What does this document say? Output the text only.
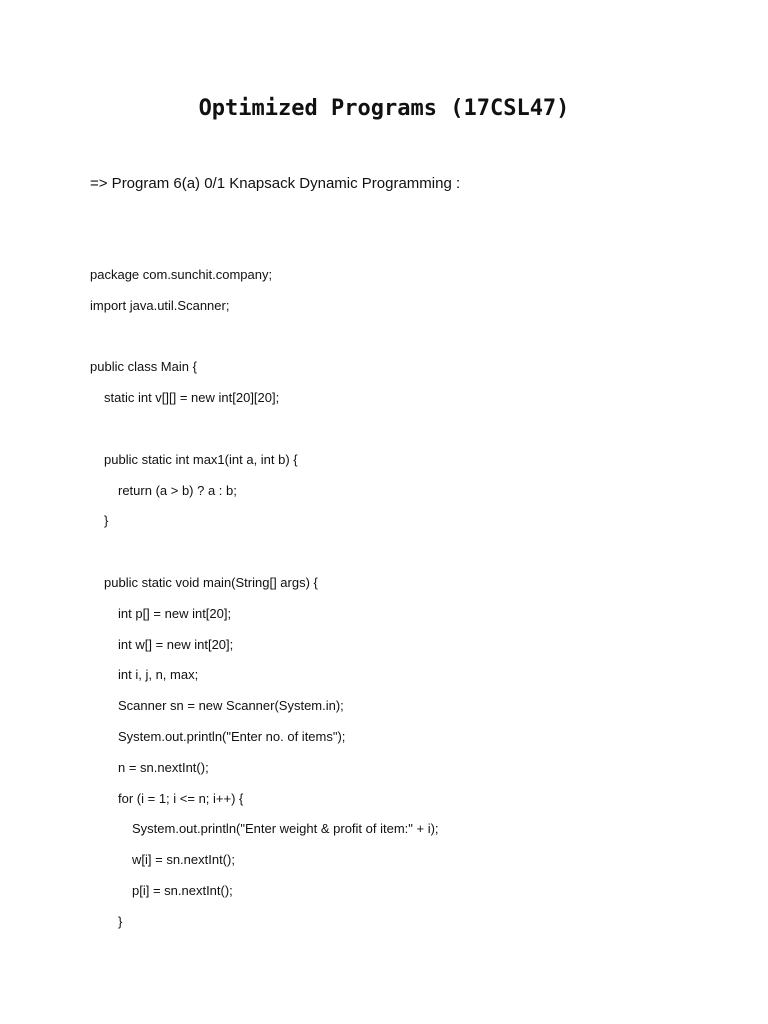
Optimized Programs (17CSL47)
=> Program 6(a) 0/1 Knapsack Dynamic Programming :
package com.sunchit.company;
import java.util.Scanner;
public class Main {
static int v[][] = new int[20][20];
public static int max1(int a, int b) {
return (a > b) ? a : b;
}
public static void main(String[] args) {
int p[] = new int[20];
int w[] = new int[20];
int i, j, n, max;
Scanner sn = new Scanner(System.in);
System.out.println("Enter no. of items");
n = sn.nextInt();
for (i = 1; i <= n; i++) {
System.out.println("Enter weight & profit of item:" + i);
w[i] = sn.nextInt();
p[i] = sn.nextInt();
}
